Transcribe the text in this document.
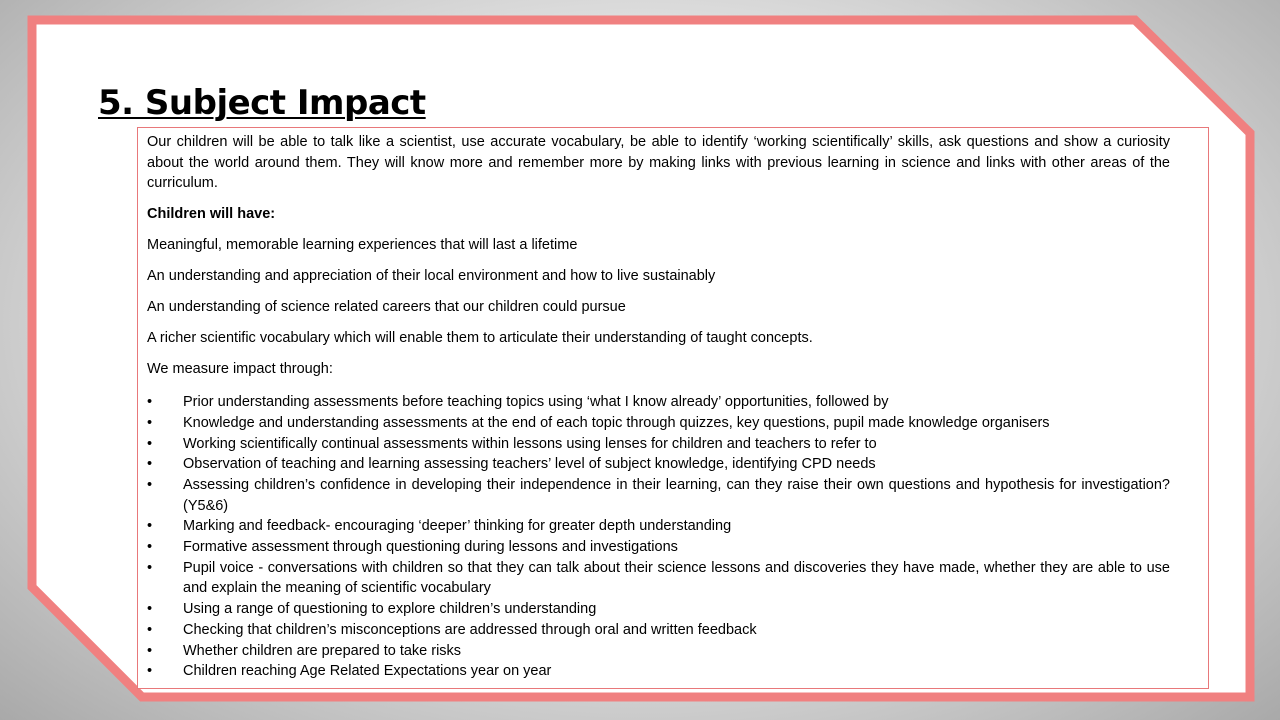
5. Subject Impact

Our children will be able to talk like a scientist, use accurate vocabulary, be able to identify ‘working scientifically’ skills, ask questions and show a curiosity about the world around them. They will know more and remember more by making links with previous learning in science and links with other areas of the curriculum.

Children will have:

Meaningful, memorable learning experiences that will last a lifetime

An understanding and appreciation of their local environment and how to live sustainably

An understanding of science related careers that our children could pursue

A richer scientific vocabulary which will enable them to articulate their understanding of taught concepts.

We measure impact through:

• Prior understanding assessments before teaching topics using ‘what I know already’ opportunities, followed by
• Knowledge and understanding assessments at the end of each topic through quizzes, key questions, pupil made knowledge organisers
• Working scientifically continual assessments within lessons using lenses for children and teachers to refer to
• Observation of teaching and learning assessing teachers’ level of subject knowledge, identifying CPD needs
• Assessing children’s confidence in developing their independence in their learning, can they raise their own questions and hypothesis for investigation? (Y5&6)
• Marking and feedback- encouraging ‘deeper’ thinking for greater depth understanding
• Formative assessment through questioning during lessons and investigations
• Pupil voice - conversations with children so that they can talk about their science lessons and discoveries they have made, whether they are able to use and explain the meaning of scientific vocabulary
• Using a range of questioning to explore children’s understanding
• Checking that children’s misconceptions are addressed through oral and written feedback
• Whether children are prepared to take risks
• Children reaching Age Related Expectations year on year
